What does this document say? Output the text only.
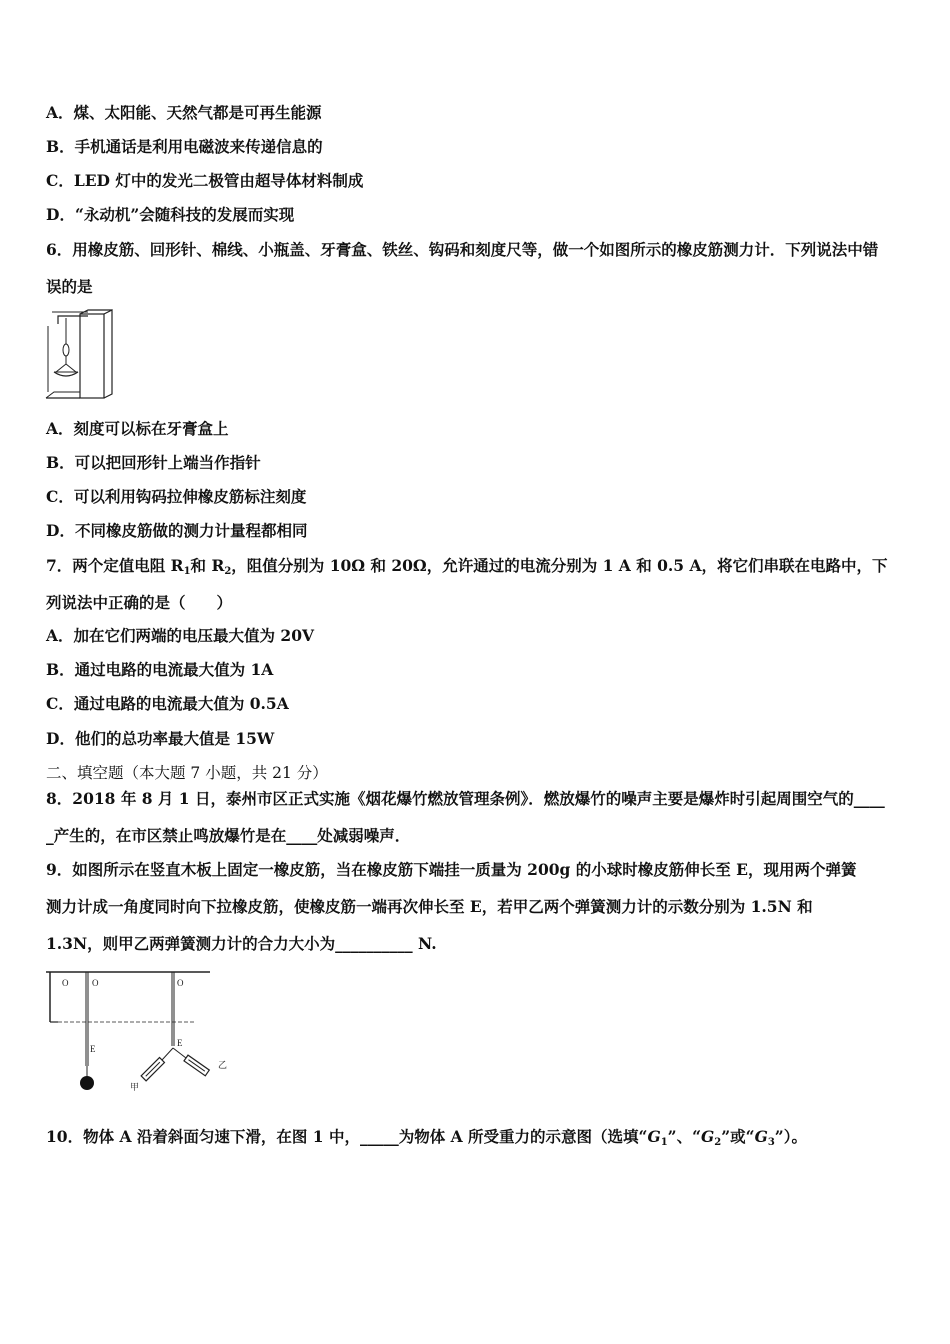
A．煤、太阳能、天然气都是可再生能源
B．手机通话是利用电磁波来传递信息的
C．LED 灯中的发光二极管由超导体材料制成
D．“永动机”会随科技的发展而实现
6．用橡皮筋、回形针、棉线、小瓶盖、牙膏盒、铁丝、钩码和刻度尺等，做一个如图所示的橡皮筋测力计．下列说法中错
误的是
A．刻度可以标在牙膏盒上
B．可以把回形针上端当作指针
C．可以利用钩码拉伸橡皮筋标注刻度
D．不同橡皮筋做的测力计量程都相同
7．两个定值电阻 $R_1$和 $R_2$，阻值分别为 10Ω 和 20Ω，允许通过的电流分别为 1 A 和 0.5 A，将它们串联在电路中，下
列说法中正确的是（　　）
A．加在它们两端的电压最大值为 20V
B．通过电路的电流最大值为 1A
C．通过电路的电流最大值为 0.5A
D．他们的总功率最大值是 15W
二、填空题（本大题 7 小题，共 21 分）
8．2018 年 8 月 1 日，泰州市区正式实施《烟花爆竹燃放管理条例》．燃放爆竹的噪声主要是爆炸时引起周围空气的____
_产生的，在市区禁止鸣放爆竹是在____处减弱噪声．
9．如图所示在竖直木板上固定一橡皮筋，当在橡皮筋下端挂一质量为 200g 的小球时橡皮筋伸长至 E，现用两个弹簧
测力计成一角度同时向下拉橡皮筋，使橡皮筋一端再次伸长至 E，若甲乙两个弹簧测力计的示数分别为 1.5N 和
1.3N，则甲乙两弹簧测力计的合力大小为__________ N.
O	O
E
O
E
甲
乙
10．物体 A 沿着斜面匀速下滑，在图 1 中，_____为物体 A 所受重力的示意图（选填“$G_1$”、“$G_2$”或“$G_3$”）。
